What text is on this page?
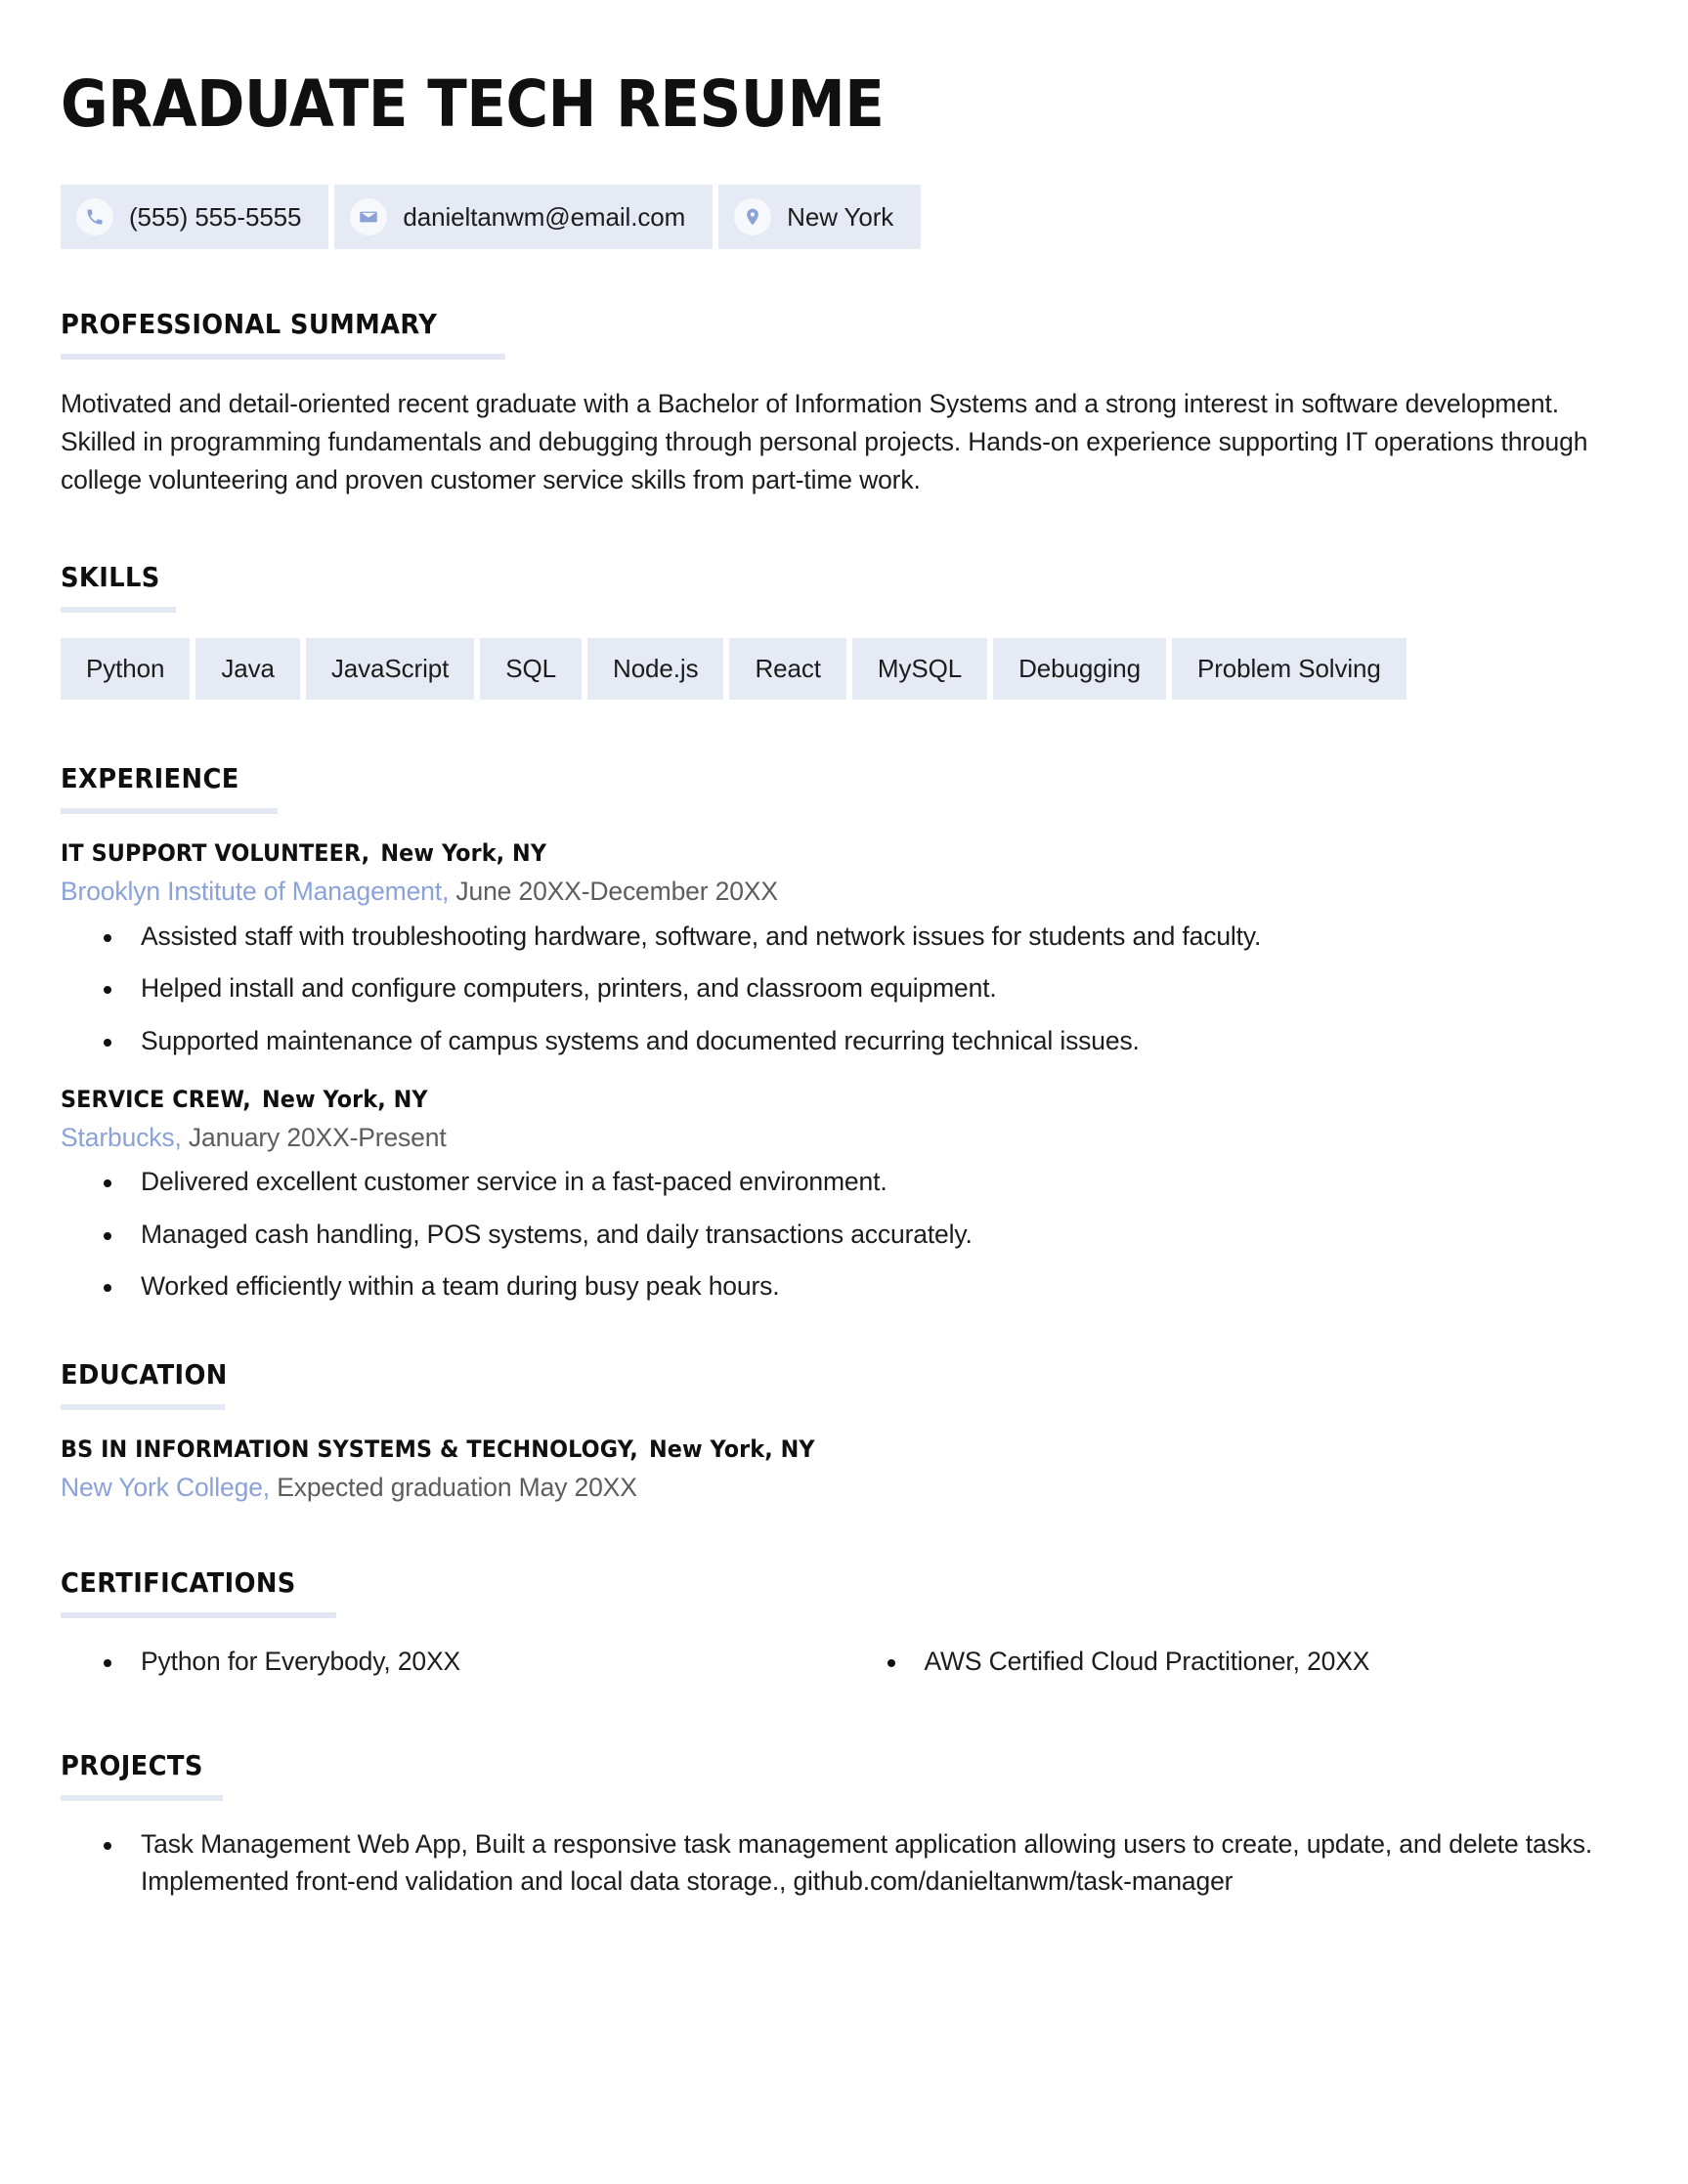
GRADUATE TECH RESUME
(555) 555-5555	danieltanwm@email.com	New York
PROFESSIONAL SUMMARY

Motivated and detail-oriented recent graduate with a Bachelor of Information Systems and a strong interest in software development. Skilled in programming fundamentals and debugging through personal projects. Hands-on experience supporting IT operations through college volunteering and proven customer service skills from part-time work.

SKILLS
Python	Java	JavaScript	SQL	Node.js	React	MySQL	Debugging	Problem Solving
EXPERIENCE
IT SUPPORT VOLUNTEER, New York, NY
Brooklyn Institute of Management, June 20XX-December 20XX
Assisted staff with troubleshooting hardware, software, and network issues for students and faculty.
Helped install and configure computers, printers, and classroom equipment.
Supported maintenance of campus systems and documented recurring technical issues.
SERVICE CREW, New York, NY
Starbucks, January 20XX-Present
Delivered excellent customer service in a fast-paced environment.
Managed cash handling, POS systems, and daily transactions accurately.
Worked efficiently within a team during busy peak hours.
EDUCATION
BS IN INFORMATION SYSTEMS & TECHNOLOGY, New York, NY
New York College, Expected graduation May 20XX
CERTIFICATIONS
Python for Everybody, 20XX	AWS Certified Cloud Practitioner, 20XX
PROJECTS
Task Management Web App, Built a responsive task management application allowing users to create, update, and delete tasks. Implemented front-end validation and local data storage., github.com/danieltanwm/task-manager
